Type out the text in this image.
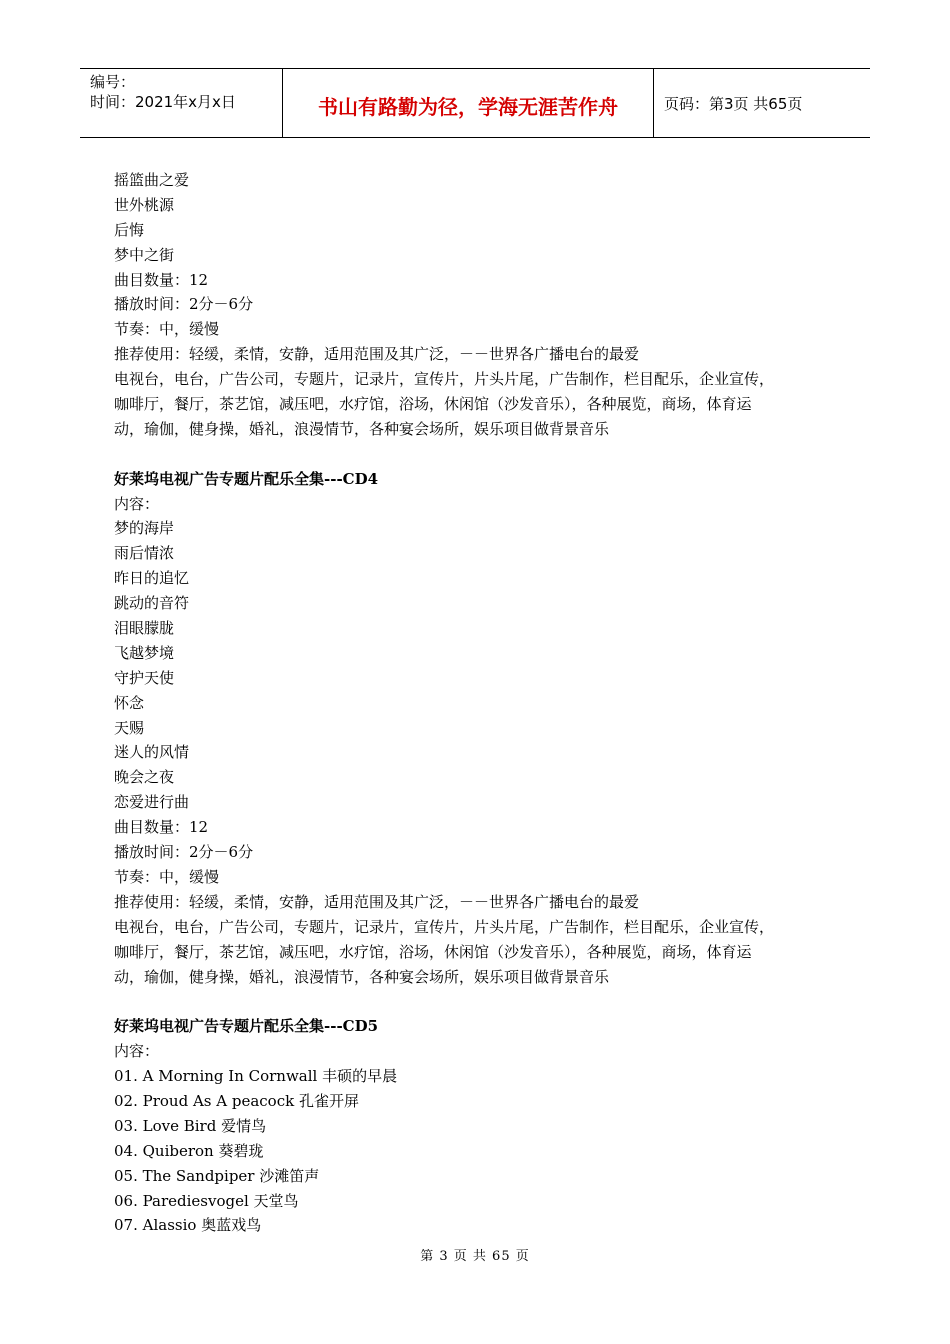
编号：
时间：2021年x月x日	书山有路勤为径，学海无涯苦作舟	页码：第3页 共65页
摇篮曲之爱
世外桃源
后悔
梦中之街
曲目数量：12
播放时间：2分－6分
节奏：中，缓慢
推荐使用：轻缓，柔情，安静，适用范围及其广泛，－－世界各广播电台的最爱
电视台，电台，广告公司，专题片，记录片，宣传片，片头片尾，广告制作，栏目配乐，企业宣传，
咖啡厅，餐厅，茶艺馆，减压吧，水疗馆，浴场，休闲馆（沙发音乐），各种展览，商场，体育运
动，瑜伽，健身操，婚礼，浪漫情节，各种宴会场所，娱乐项目做背景音乐
好莱坞电视广告专题片配乐全集---CD4
内容：
梦的海岸
雨后情浓
昨日的追忆
跳动的音符
泪眼朦胧
飞越梦境
守护天使
怀念
天赐
迷人的风情
晚会之夜
恋爱进行曲
曲目数量：12
播放时间：2分－6分
节奏：中，缓慢
推荐使用：轻缓，柔情，安静，适用范围及其广泛，－－世界各广播电台的最爱
电视台，电台，广告公司，专题片，记录片，宣传片，片头片尾，广告制作，栏目配乐，企业宣传，
咖啡厅，餐厅，茶艺馆，减压吧，水疗馆，浴场，休闲馆（沙发音乐），各种展览，商场，体育运
动，瑜伽，健身操，婚礼，浪漫情节，各种宴会场所，娱乐项目做背景音乐
好莱坞电视广告专题片配乐全集---CD5
内容：
01. A Morning In Cornwall 丰硕的早晨
02. Proud As A peacock 孔雀开屏
03. Love Bird 爱情鸟
04. Quiberon 葵碧珑
05. The Sandpiper 沙滩笛声
06. Parediesvogel 天堂鸟
07. Alassio 奥蓝戏鸟
第 3 页 共 65 页
